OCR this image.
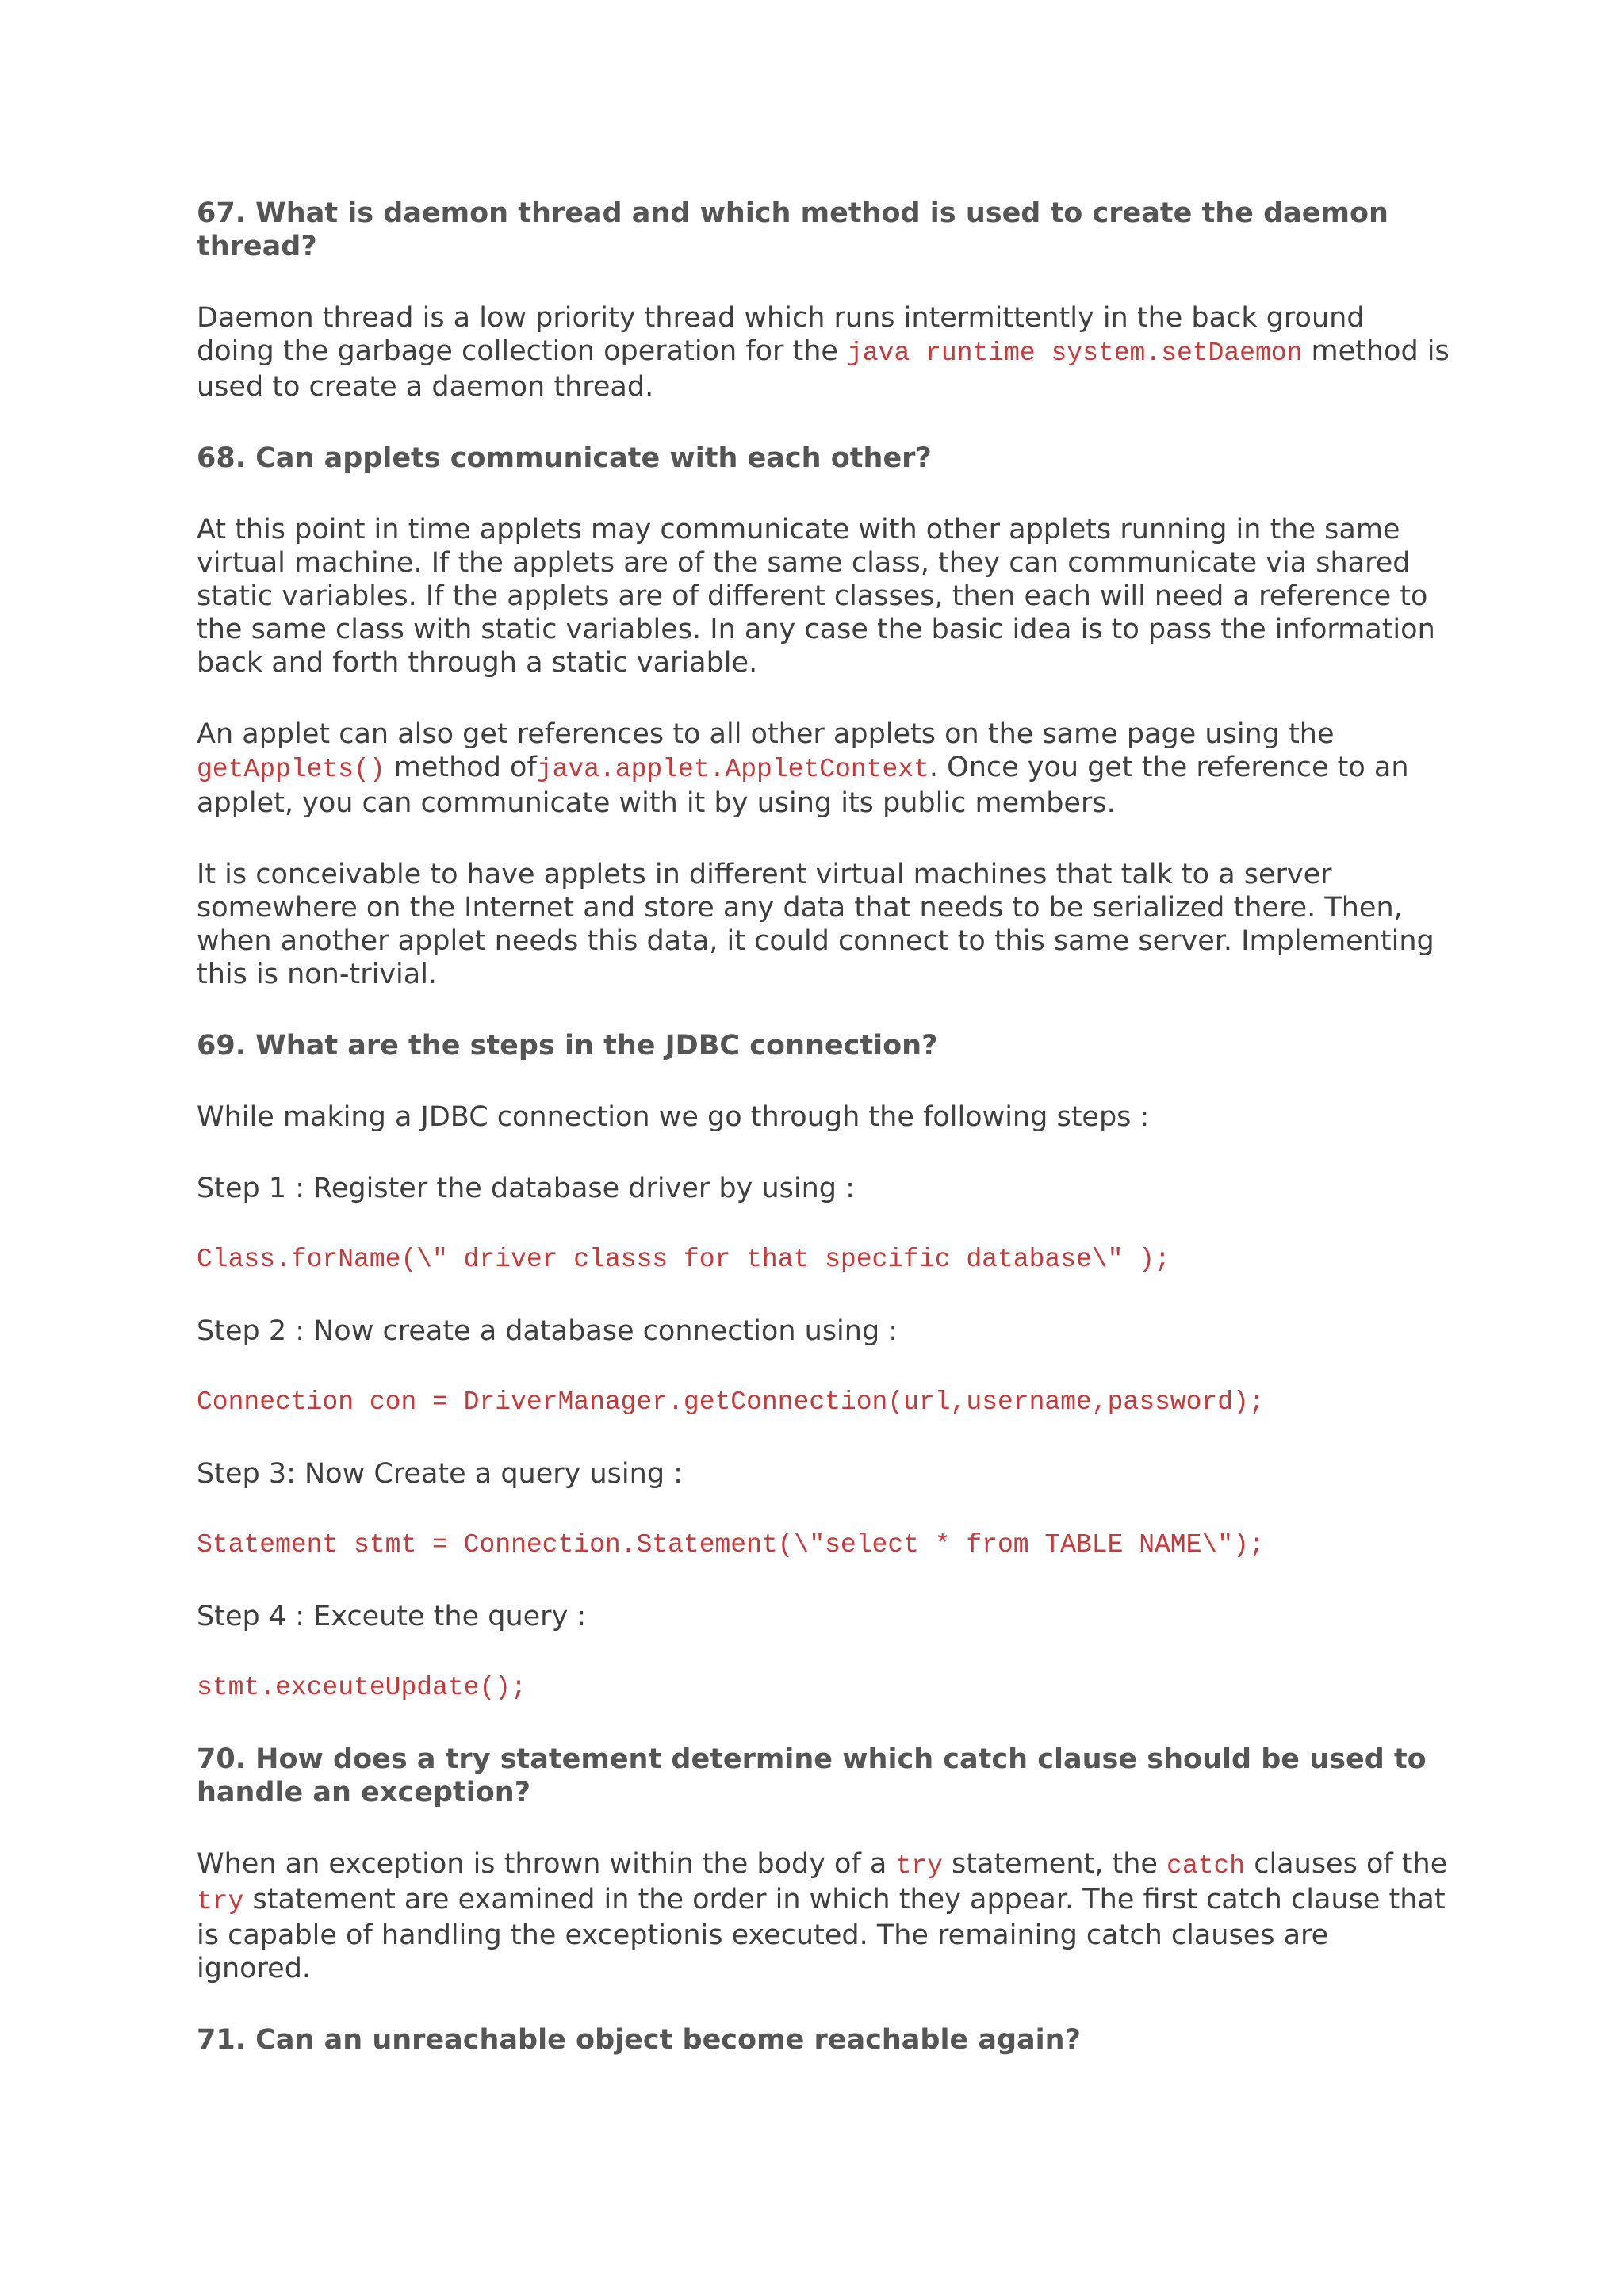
67. What is daemon thread and which method is used to create the daemon thread?
Daemon thread is a low priority thread which runs intermittently in the back ground doing the garbage collection operation for the java runtime system.setDaemon method is used to create a daemon thread.
68. Can applets communicate with each other?
At this point in time applets may communicate with other applets running in the same virtual machine. If the applets are of the same class, they can communicate via shared static variables. If the applets are of different classes, then each will need a reference to the same class with static variables. In any case the basic idea is to pass the information back and forth through a static variable.
An applet can also get references to all other applets on the same page using the getApplets() method ofjava.applet.AppletContext. Once you get the reference to an applet, you can communicate with it by using its public members.
It is conceivable to have applets in different virtual machines that talk to a server somewhere on the Internet and store any data that needs to be serialized there. Then, when another applet needs this data, it could connect to this same server. Implementing this is non-trivial.
69. What are the steps in the JDBC connection?
While making a JDBC connection we go through the following steps :
Step 1 : Register the database driver by using :
Class.forName(\" driver classs for that specific database\" );
Step 2 : Now create a database connection using :
Connection con = DriverManager.getConnection(url,username,password);
Step 3: Now Create a query using :
Statement stmt = Connection.Statement(\"select * from TABLE NAME\");
Step 4 : Exceute the query :
stmt.exceuteUpdate();
70. How does a try statement determine which catch clause should be used to handle an exception?
When an exception is thrown within the body of a try statement, the catch clauses of the try statement are examined in the order in which they appear. The first catch clause that is capable of handling the exceptionis executed. The remaining catch clauses are ignored.
71. Can an unreachable object become reachable again?
